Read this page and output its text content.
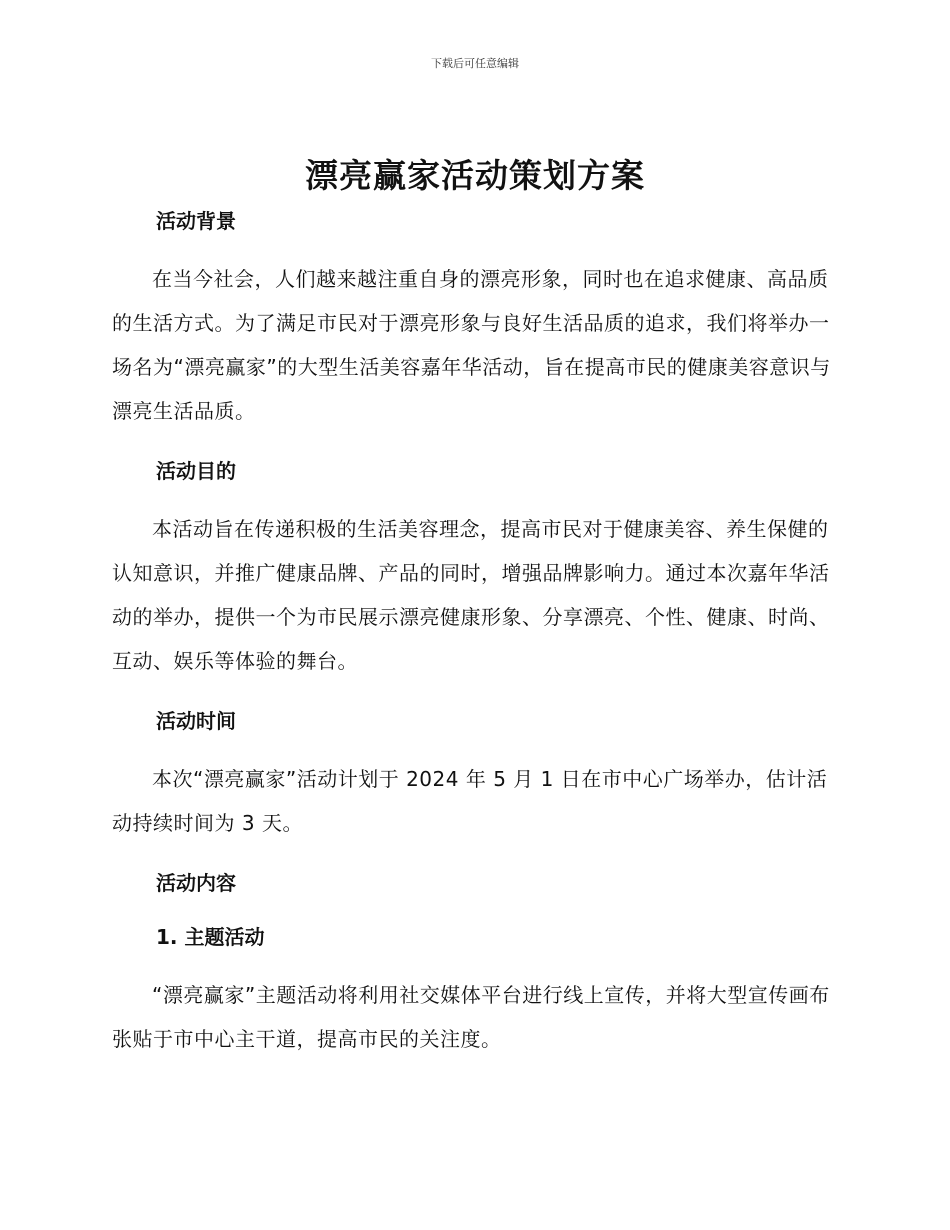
下载后可任意编辑
漂亮赢家活动策划方案
活动背景

在当今社会，人们越来越注重自身的漂亮形象，同时也在追求健康、高品质的生活方式。为了满足市民对于漂亮形象与良好生活品质的追求，我们将举办一场名为“漂亮赢家”的大型生活美容嘉年华活动，旨在提高市民的健康美容意识与漂亮生活品质。

活动目的

本活动旨在传递积极的生活美容理念，提高市民对于健康美容、养生保健的认知意识，并推广健康品牌、产品的同时，增强品牌影响力。通过本次嘉年华活动的举办，提供一个为市民展示漂亮健康形象、分享漂亮、个性、健康、时尚、互动、娱乐等体验的舞台。

活动时间

本次“漂亮赢家”活动计划于 2024 年 5 月 1 日在市中心广场举办，估计活动持续时间为 3 天。

活动内容
1. 主题活动

“漂亮赢家”主题活动将利用社交媒体平台进行线上宣传，并将大型宣传画布张贴于市中心主干道，提高市民的关注度。
